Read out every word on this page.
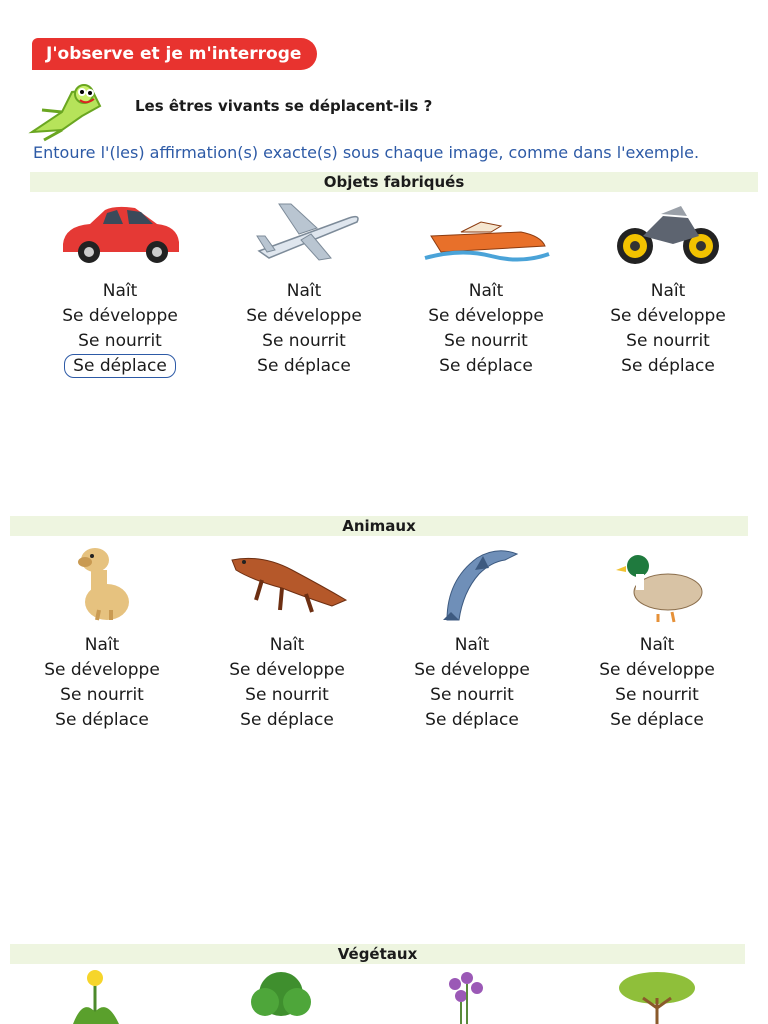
J'observe et je m'interroge
Les êtres vivants se déplacent-ils ?
Entoure l'(les) affirmation(s) exacte(s) sous chaque image, comme dans l'exemple.
Objets fabriqués
Naît
Se développe
Se nourrit
Se déplace
Naît
Se développe
Se nourrit
Se déplace
Naît
Se développe
Se nourrit
Se déplace
Naît
Se développe
Se nourrit
Se déplace
Animaux
Naît
Se développe
Se nourrit
Se déplace
Naît
Se développe
Se nourrit
Se déplace
Naît
Se développe
Se nourrit
Se déplace
Naît
Se développe
Se nourrit
Se déplace
Végétaux
